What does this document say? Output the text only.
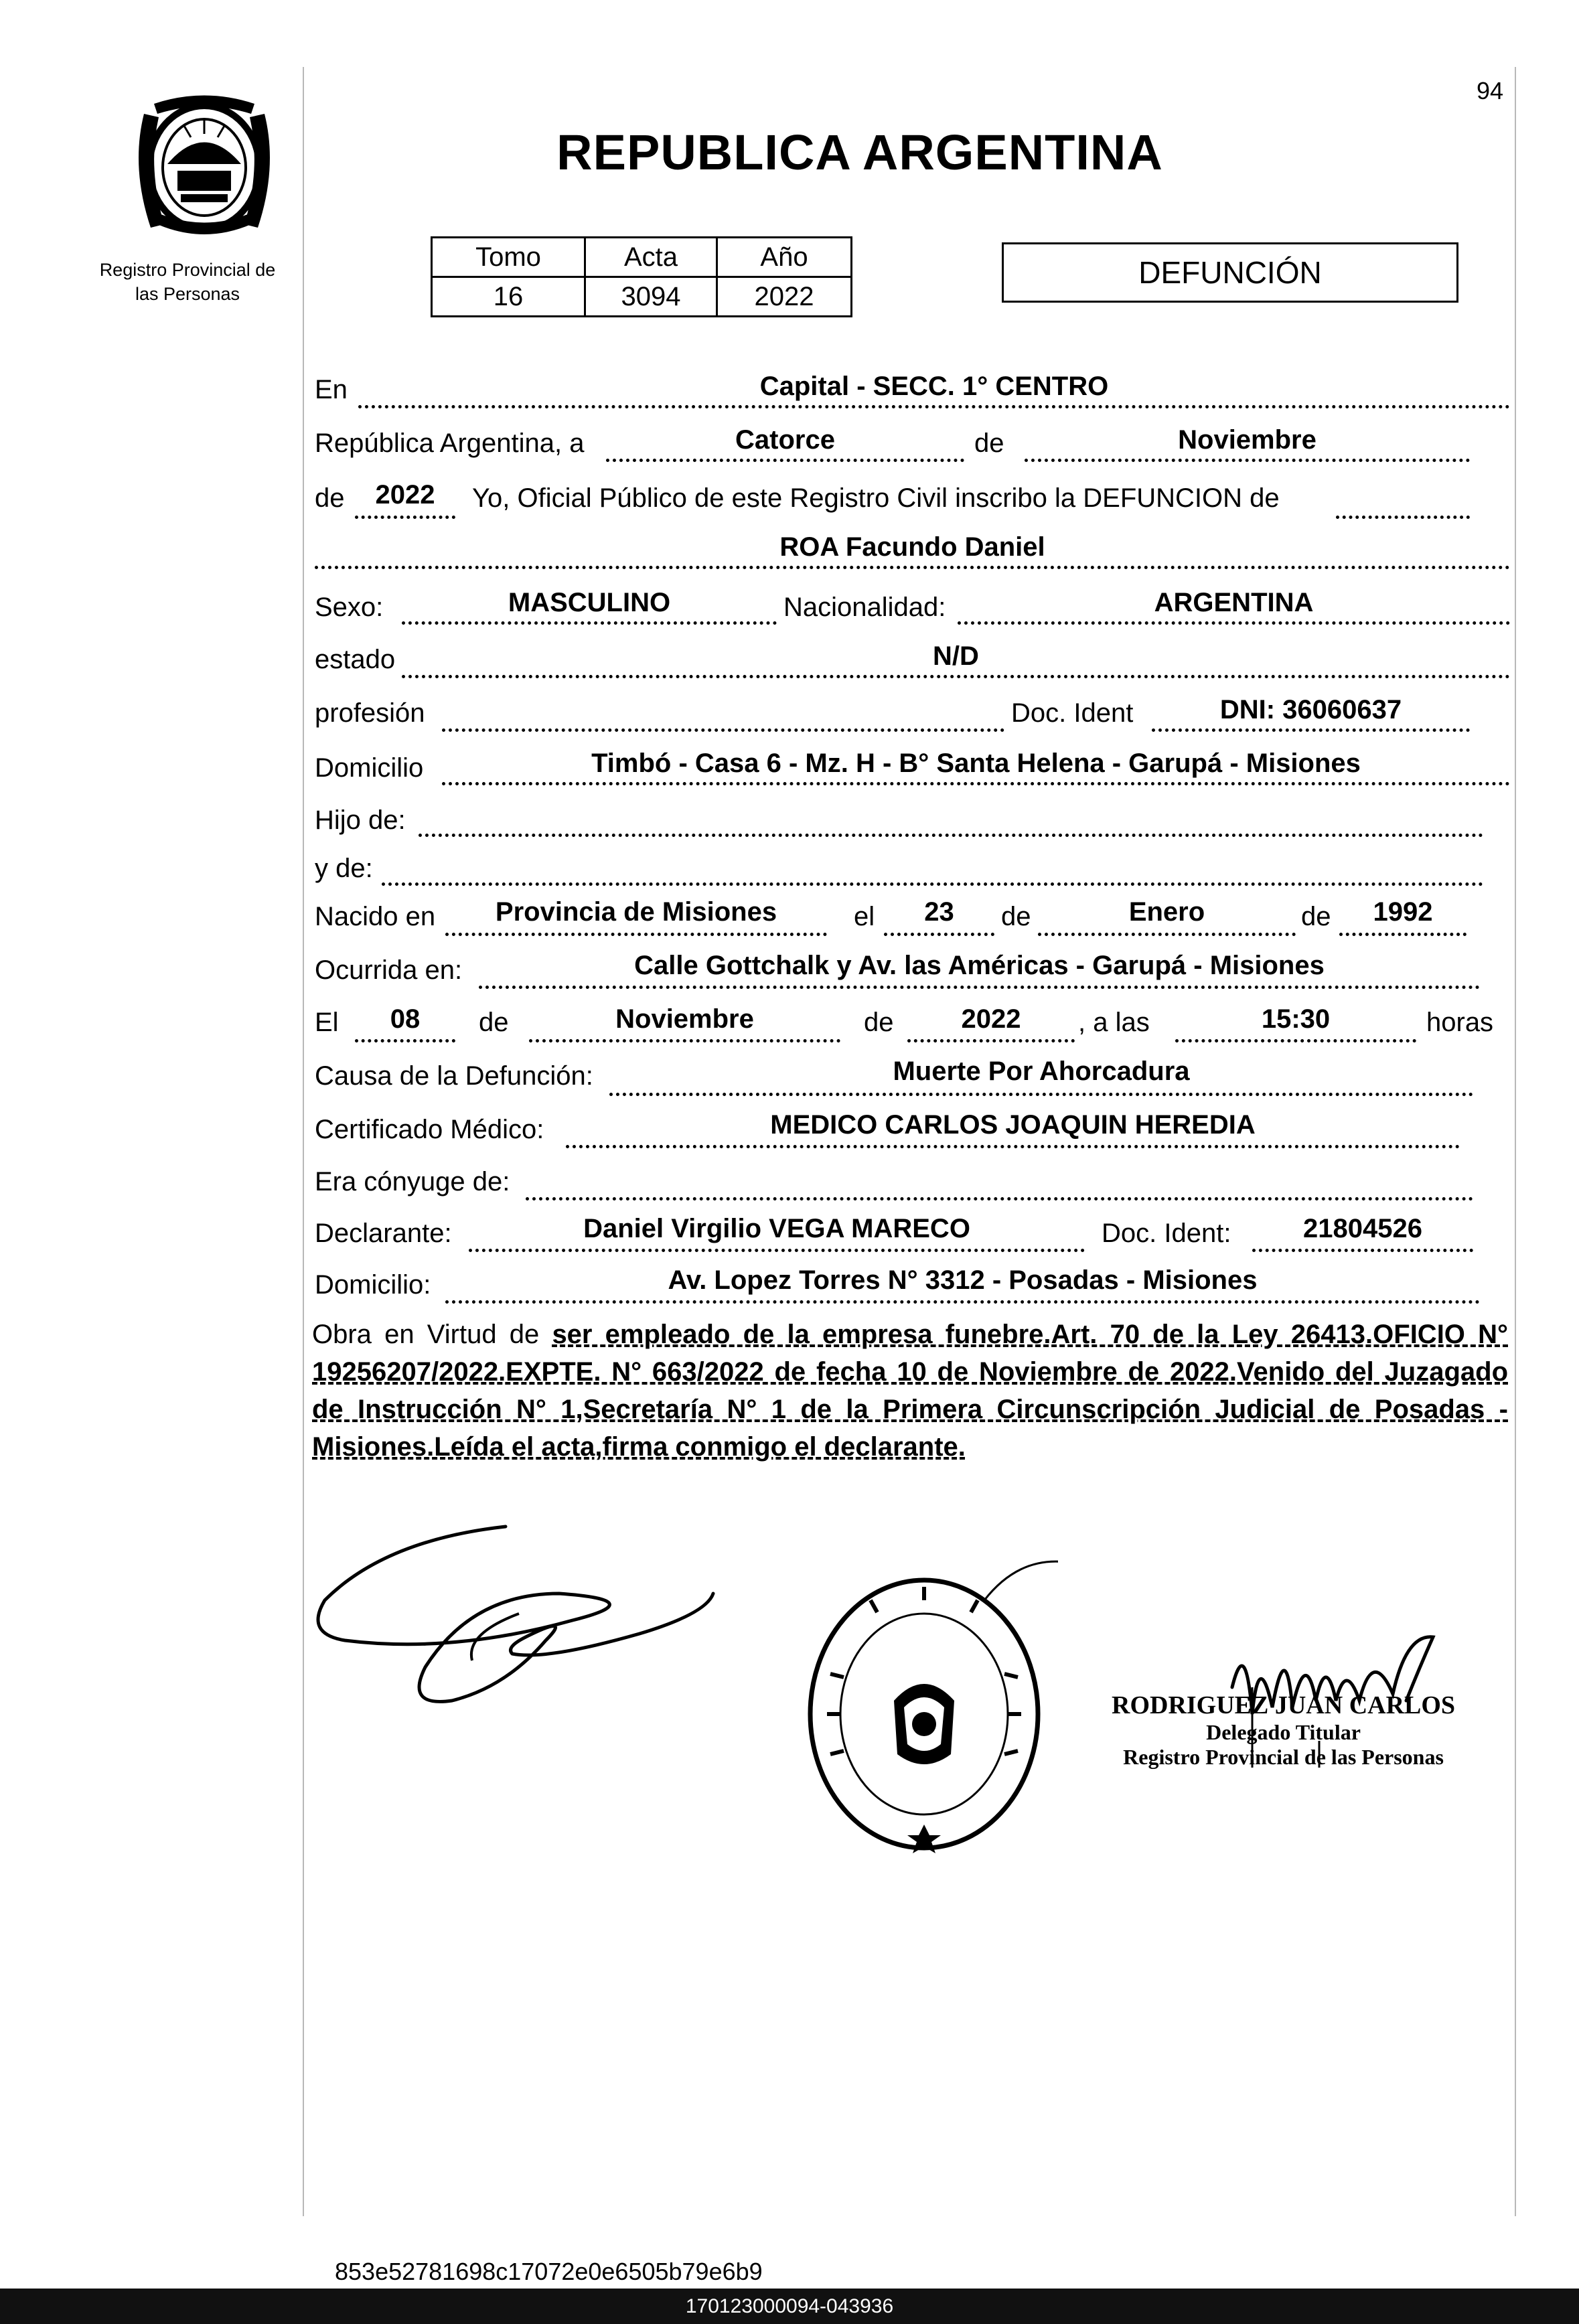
94
Registro Provincial de
las Personas
REPUBLICA ARGENTINA
Tomo	Acta	Año
16	3094	2022
DEFUNCIÓN
En	Capital - SECC. 1° CENTRO
República Argentina, a	Catorce	de	Noviembre
de	2022	Yo, Oficial Público de este Registro Civil inscribo la DEFUNCION de
ROA Facundo Daniel
Sexo:	MASCULINO	Nacionalidad:	ARGENTINA
estado	N/D
profesión	Doc. Ident	DNI: 36060637
Domicilio	Timbó - Casa 6 - Mz. H - B° Santa Helena - Garupá - Misiones
Hijo de:
y de:
Nacido en	Provincia de Misiones	el	23	de	Enero	de	1992
Ocurrida en:	Calle Gottchalk y Av. las Américas - Garupá - Misiones
El	08	de	Noviembre	de	2022	, a las	15:30	horas
Causa de la Defunción:	Muerte Por Ahorcadura
Certificado Médico:	MEDICO CARLOS JOAQUIN HEREDIA
Era cónyuge de:
Declarante:	Daniel Virgilio VEGA MARECO	Doc. Ident:	21804526
Domicilio:	Av. Lopez Torres N° 3312 - Posadas - Misiones
Obra en Virtud de ser empleado de la empresa funebre.Art. 70 de la Ley 26413.OFICIO N° 19256207/2022.EXPTE. N° 663/2022 de fecha 10 de Noviembre de 2022.Venido del Juzagado de Instrucción N° 1,Secretaría N° 1 de la Primera Circunscripción Judicial de Posadas - Misiones.Leída el acta,firma conmigo el declarante.
RODRIGUEZ JUAN CARLOS
Delegado Titular
Registro Provincial de las Personas
853e52781698c17072e0e6505b79e6b9
170123000094-043936
